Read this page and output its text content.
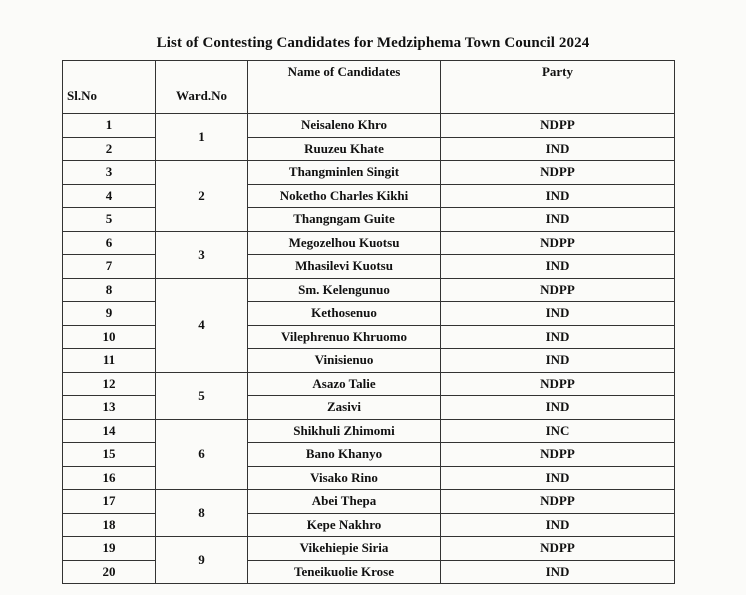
List of Contesting Candidates for Medziphema Town Council 2024
Sl.No	Ward.No	Name of Candidates	Party
1	1	Neisaleno Khro	NDPP
2		Ruuzeu Khate	IND
3	2	Thangminlen Singit	NDPP
4		Noketho Charles Kikhi	IND
5		Thangngam Guite	IND
6	3	Megozelhou Kuotsu	NDPP
7		Mhasilevi Kuotsu	IND
8	4	Sm. Kelengunuo	NDPP
9		Kethosenuo	IND
10		Vilephrenuo Khruomo	IND
11		Vinisienuo	IND
12	5	Asazo Talie	NDPP
13		Zasivi	IND
14	6	Shikhuli Zhimomi	INC
15		Bano Khanyo	NDPP
16		Visako Rino	IND
17	8	Abei Thepa	NDPP
18		Kepe Nakhro	IND
19	9	Vikehiepie Siria	NDPP
20		Teneikuolie Krose	IND
